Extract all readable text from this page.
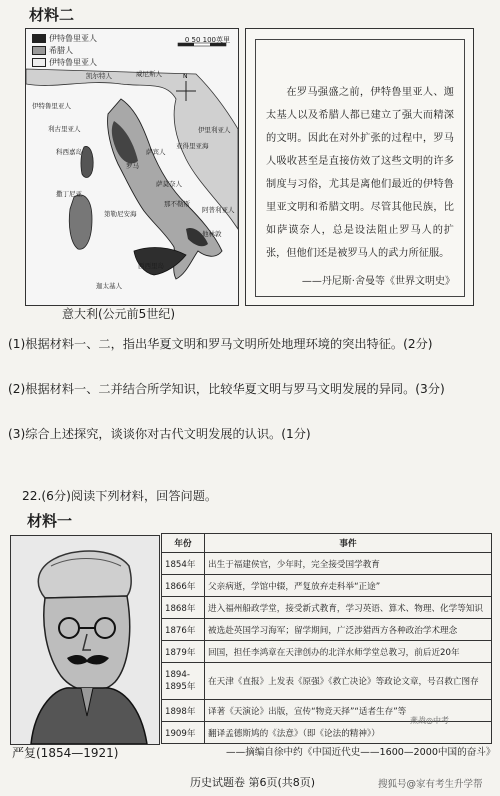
材料二
N
伊特鲁里亚人
希腊人
伊特鲁里亚人
0 50 100英里
凯尔特人	威尼斯人
伊特鲁里亚人
利古里亚人
科西嘉岛
罗马
撒丁尼亚
萨宾人
萨莫奈人
伊里利亚人
那不勒斯
第勒尼安海
西西里岛
迦太基人
亚得里亚海
阿普利亚人
他林敦
意大利(公元前5世纪)
在罗马强盛之前，伊特鲁里亚人、迦太基人以及希腊人都已建立了强大而精深的文明。因此在对外扩张的过程中，罗马人吸收甚至是直接仿效了这些文明的许多制度与习俗，尤其是离他们最近的伊特鲁里亚文明和希腊文明。尽管其他民族，比如萨谟奈人，总是设法阻止罗马人的扩张，但他们还是被罗马人的武力所征服。
——丹尼斯·舍曼等《世界文明史》
(1)根据材料一、二，指出华夏文明和罗马文明所处地理环境的突出特征。(2分)
(2)根据材料一、二并结合所学知识，比较华夏文明与罗马文明发展的异同。(3分)
(3)综合上述探究，谈谈你对古代文明发展的认识。(1分)
22.(6分)阅读下列材料，回答问题。
材料一
严复(1854—1921)
年份	事件
1854年	出生于福建侯官，少年时，完全接受国学教育
1866年	父亲病逝，学馆中辍，严复放弃走科举“正途”
1868年	进入福州船政学堂，接受新式教育，学习英语、算术、物理、化学等知识
1876年	被选赴英国学习海军；留学期间，广泛涉猎西方各种政治学术理念
1879年	回国，担任李鸿章在天津创办的北洋水师学堂总教习，前后近20年
1894-1895年	在天津《直报》上发表《原强》《救亡决论》等政论文章，号召救亡图存
1898年	译著《天演论》出版，宣传“物竞天择”“适者生存”等
1909年	翻译孟德斯鸠的《法意》（即《论法的精神》）
燕战◎中考
——摘编自徐中约《中国近代史——1600—2000中国的奋斗》
历史试题卷 第6页(共8页)	搜狐号@家有考生升学帮
